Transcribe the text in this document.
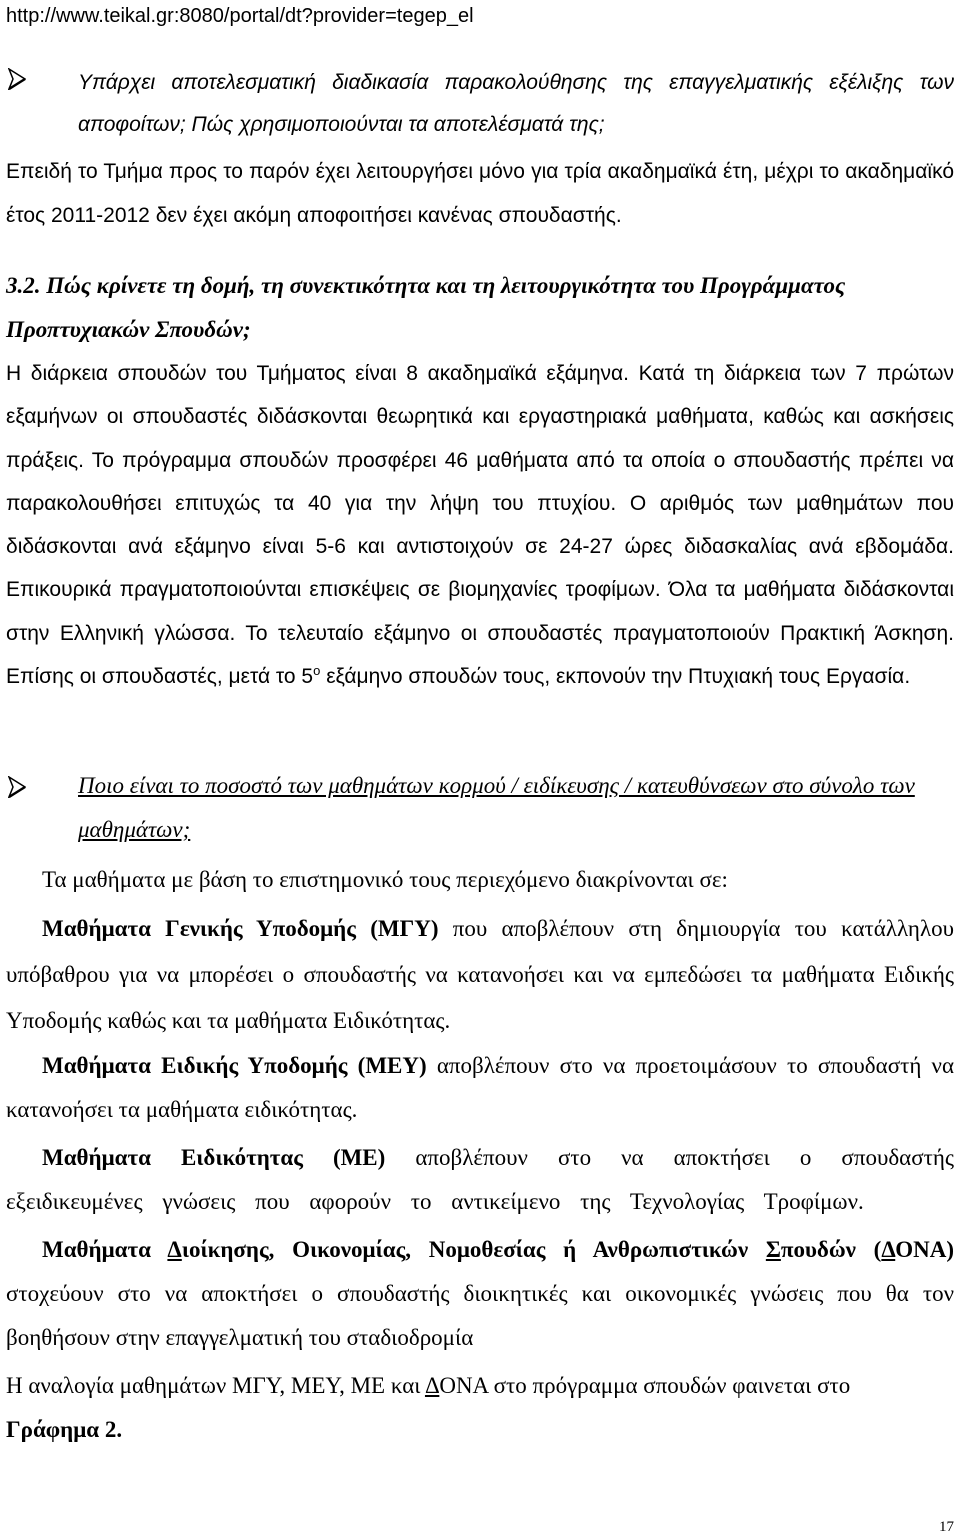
http://www.teikal.gr:8080/portal/dt?provider=tegep_el
Υπάρχει αποτελεσματική διαδικασία παρακολούθησης της επαγγελματικής εξέλιξης των αποφοίτων; Πώς χρησιμοποιούνται τα αποτελέσματά της;
Επειδή το Τμήμα προς το παρόν έχει λειτουργήσει μόνο για τρία ακαδημαϊκά έτη, μέχρι το ακαδημαϊκό έτος 2011-2012 δεν έχει ακόμη αποφοιτήσει κανένας σπουδαστής.
3.2. Πώς κρίνετε τη δομή, τη συνεκτικότητα και τη λειτουργικότητα του Προγράμματος Προπτυχιακών Σπουδών;
Η διάρκεια σπουδών του Τμήματος είναι 8 ακαδημαϊκά εξάμηνα. Κατά τη διάρκεια των 7 πρώτων εξαμήνων οι σπουδαστές διδάσκονται θεωρητικά και εργαστηριακά μαθήματα, καθώς και ασκήσεις πράξεις. Το πρόγραμμα σπουδών προσφέρει 46 μαθήματα από τα οποία ο σπουδαστής πρέπει να παρακολουθήσει επιτυχώς τα 40 για την λήψη του πτυχίου. Ο αριθμός των μαθημάτων που διδάσκονται ανά εξάμηνο είναι 5-6 και αντιστοιχούν σε 24-27 ώρες διδασκαλίας ανά εβδομάδα. Επικουρικά πραγματοποιούνται επισκέψεις σε βιομηχανίες τροφίμων. Όλα τα μαθήματα διδάσκονται στην Ελληνική γλώσσα. Το τελευταίο εξάμηνο οι σπουδαστές πραγματοποιούν Πρακτική Άσκηση. Επίσης οι σπουδαστές, μετά το $5^o$ εξάμηνο σπουδών τους, εκπονούν την Πτυχιακή τους Εργασία.
Ποιο είναι το ποσοστό των μαθημάτων κορμού / ειδίκευσης / κατευθύνσεων στο σύνολο των μαθημάτων;
Τα μαθήματα με βάση το επιστημονικό τους περιεχόμενο διακρίνονται σε:
Μαθήματα Γενικής Υποδομής (ΜΓΥ) που αποβλέπουν στη δημιουργία του κατάλληλου υπόβαθρου για να μπορέσει ο σπουδαστής να κατανοήσει και να εμπεδώσει τα μαθήματα Ειδικής Υποδομής καθώς και τα μαθήματα Ειδικότητας.
Μαθήματα Ειδικής Υποδομής (ΜΕΥ) αποβλέπουν στο να προετοιμάσουν το σπουδαστή να κατανοήσει τα μαθήματα ειδικότητας.
Μαθήματα Ειδικότητας (ΜΕ) αποβλέπουν στο να αποκτήσει ο σπουδαστής εξειδικευμένες γνώσεις που αφορούν το αντικείμενο της Τεχνολογίας Τροφίμων.
Μαθήματα Διοίκησης, Οικονομίας, Νομοθεσίας ή Ανθρωπιστικών Σπουδών (ΔΟΝΑ) στοχεύουν στο να αποκτήσει ο σπουδαστής διοικητικές και οικονομικές γνώσεις που θα τον βοηθήσουν στην επαγγελματική του σταδιοδρομία
Η αναλογία μαθημάτων ΜΓΥ, ΜΕΥ, ΜΕ και ΔΟΝΑ στο πρόγραμμα σπουδών φαινεται στο
Γράφημα 2.
17
